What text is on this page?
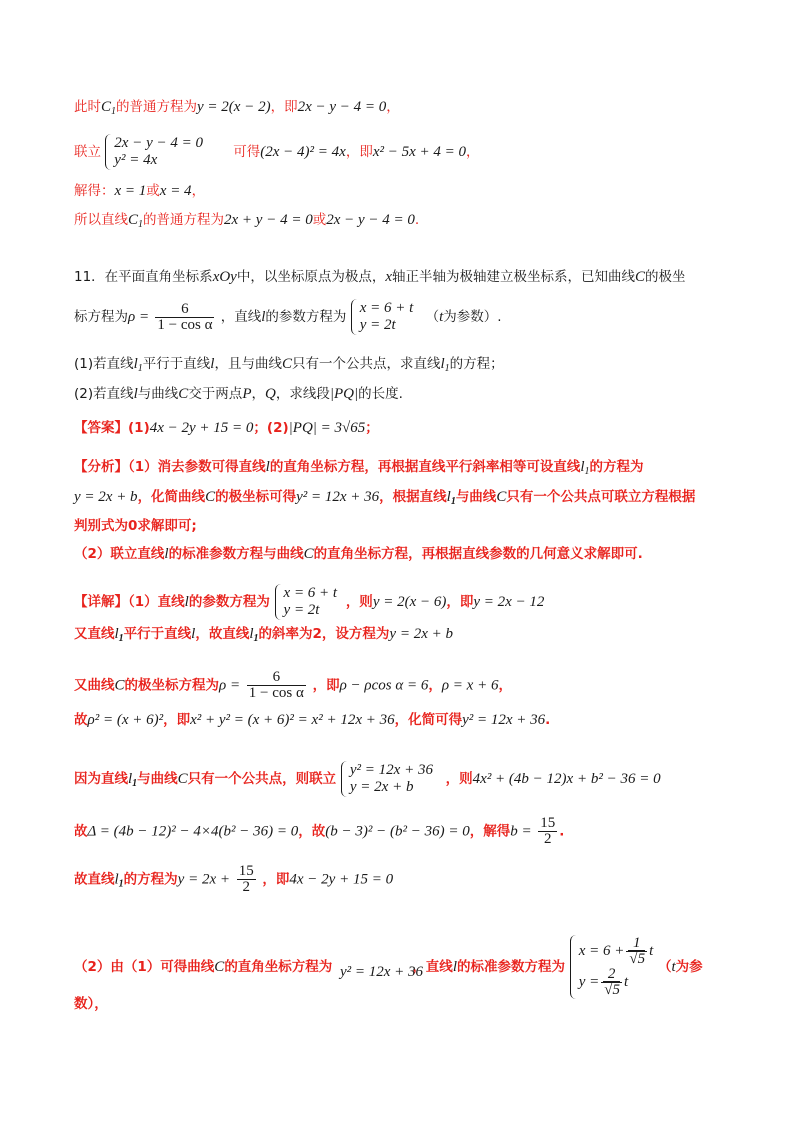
此时$C_1$的普通方程为y = 2(x − 2)，即2x − y − 4 = 0，
联立
2x − y − 4 = 0
y² = 4x	可得(2x − 4)² = 4x，即x² − 5x + 4 = 0，
解得：x = 1或x = 4，
所以直线$C_1$的普通方程为2x + y − 4 = 0或2x − y − 4 = 0.
11．在平面直角坐标系xOy中，以坐标原点为极点，x轴正半轴为极轴建立极坐标系，已知曲线C的极坐
标方程为$\rho = \frac{6}{\text{1 − cos α}}$ ，直线l的参数方程为
x = 6 + t
y = 2t	（t为参数）.
(1)若直线$l_1$平行于直线l，且与曲线C只有一个公共点，求直线$l_1$的方程；
(2)若直线l与曲线C交于两点P，Q，求线段|PQ|的长度.
【答案】(1)4x − 2y + 15 = 0；(2)|PQ| = 3√65；
【分析】（1）消去参数可得直线l的直角坐标方程，再根据直线平行斜率相等可设直线$l_1$的方程为
y = 2x + b，化简曲线C的极坐标可得y² = 12x + 36，根据直线$l_1$与曲线C只有一个公共点可联立方程根据
判别式为0求解即可;
（2）联立直线l的标准参数方程与曲线C的直角坐标方程，再根据直线参数的几何意义求解即可.
【详解】（1）直线l的参数方程为
x = 6 + t
y = 2t	，则y = 2(x − 6)，即y = 2x − 12
又直线$l_1$平行于直线l，故直线$l_1$的斜率为2，设方程为y = 2x + b
又曲线C的极坐标方程为$\rho = \frac{6}{\text{1 − cos α}}$ ，即ρ − ρcos α = 6，ρ = x + 6，
故ρ² = (x + 6)²，即x² + y² = (x + 6)² = x² + 12x + 36，化简可得y² = 12x + 36.
因为直线$l_1$与曲线C只有一个公共点，则联立
y² = 12x + 36
y = 2x + b	，则4x² + (4b − 12)x + b² − 36 = 0
故Δ = (4b − 12)² − 4×4(b² − 36) = 0，故(b − 3)² − (b² − 36) = 0，解得$b = \frac{15}{2}$ .
故直线$l_1$的方程为$y = 2x + \frac{15}{2}$ ，即4x − 2y + 15 = 0
（2）由（1）可得曲线C的直角坐标方程为	，直线l的标准参数方程为
$x = 6 + \frac{1}{√5}$ t
$y = \frac{2}{√5}$ t
（t为参
y² = 12x + 36
数），
